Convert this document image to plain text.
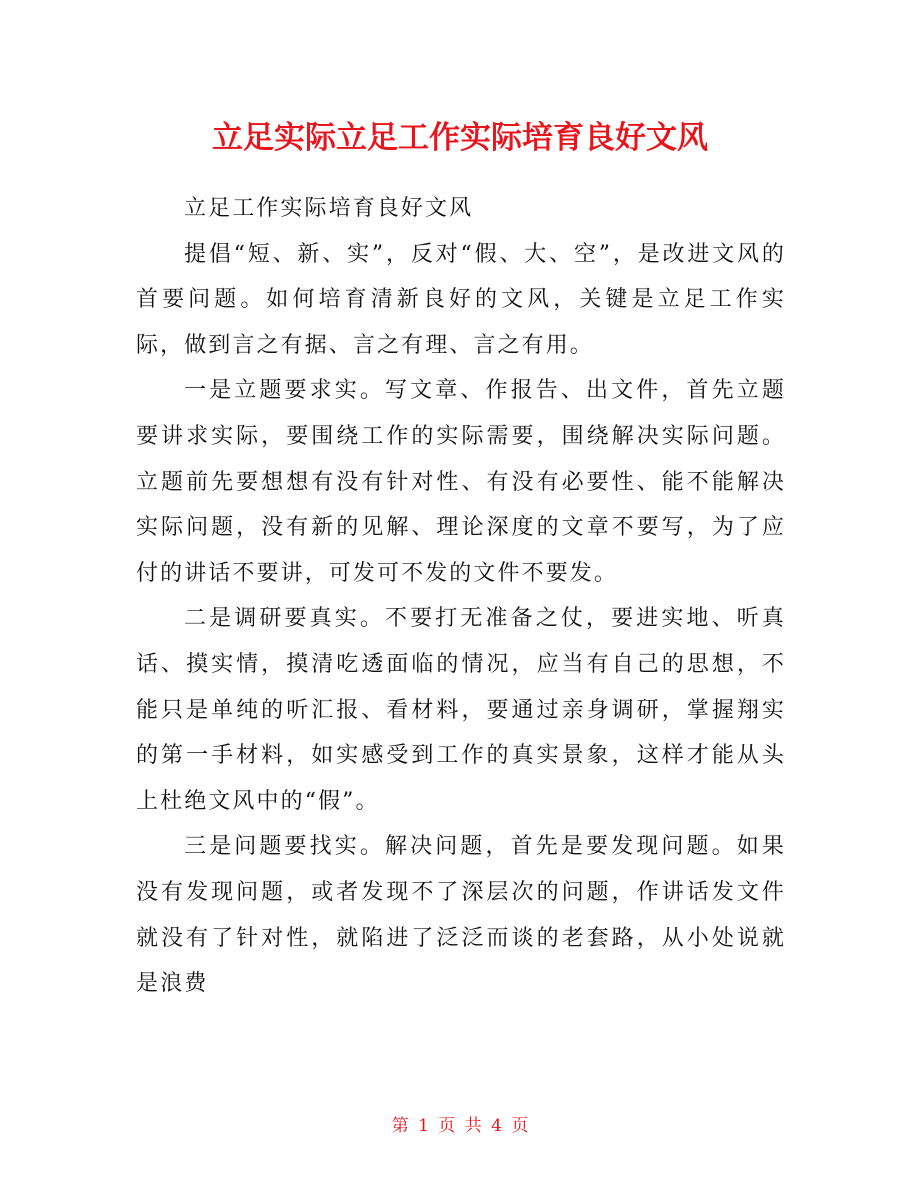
立足实际立足工作实际培育良好文风

立足工作实际培育良好文风

提倡“短、新、实”，反对“假、大、空”，是改进文风的首要问题。如何培育清新良好的文风，关键是立足工作实际，做到言之有据、言之有理、言之有用。

一是立题要求实。写文章、作报告、出文件，首先立题要讲求实际，要围绕工作的实际需要，围绕解决实际问题。立题前先要想想有没有针对性、有没有必要性、能不能解决实际问题，没有新的见解、理论深度的文章不要写，为了应付的讲话不要讲，可发可不发的文件不要发。

二是调研要真实。不要打无准备之仗，要进实地、听真话、摸实情，摸清吃透面临的情况，应当有自己的思想，不能只是单纯的听汇报、看材料，要通过亲身调研，掌握翔实的第一手材料，如实感受到工作的真实景象，这样才能从头上杜绝文风中的“假”。

三是问题要找实。解决问题，首先是要发现问题。如果没有发现问题，或者发现不了深层次的问题，作讲话发文件就没有了针对性，就陷进了泛泛而谈的老套路，从小处说就是浪费

第 1 页 共 4 页
